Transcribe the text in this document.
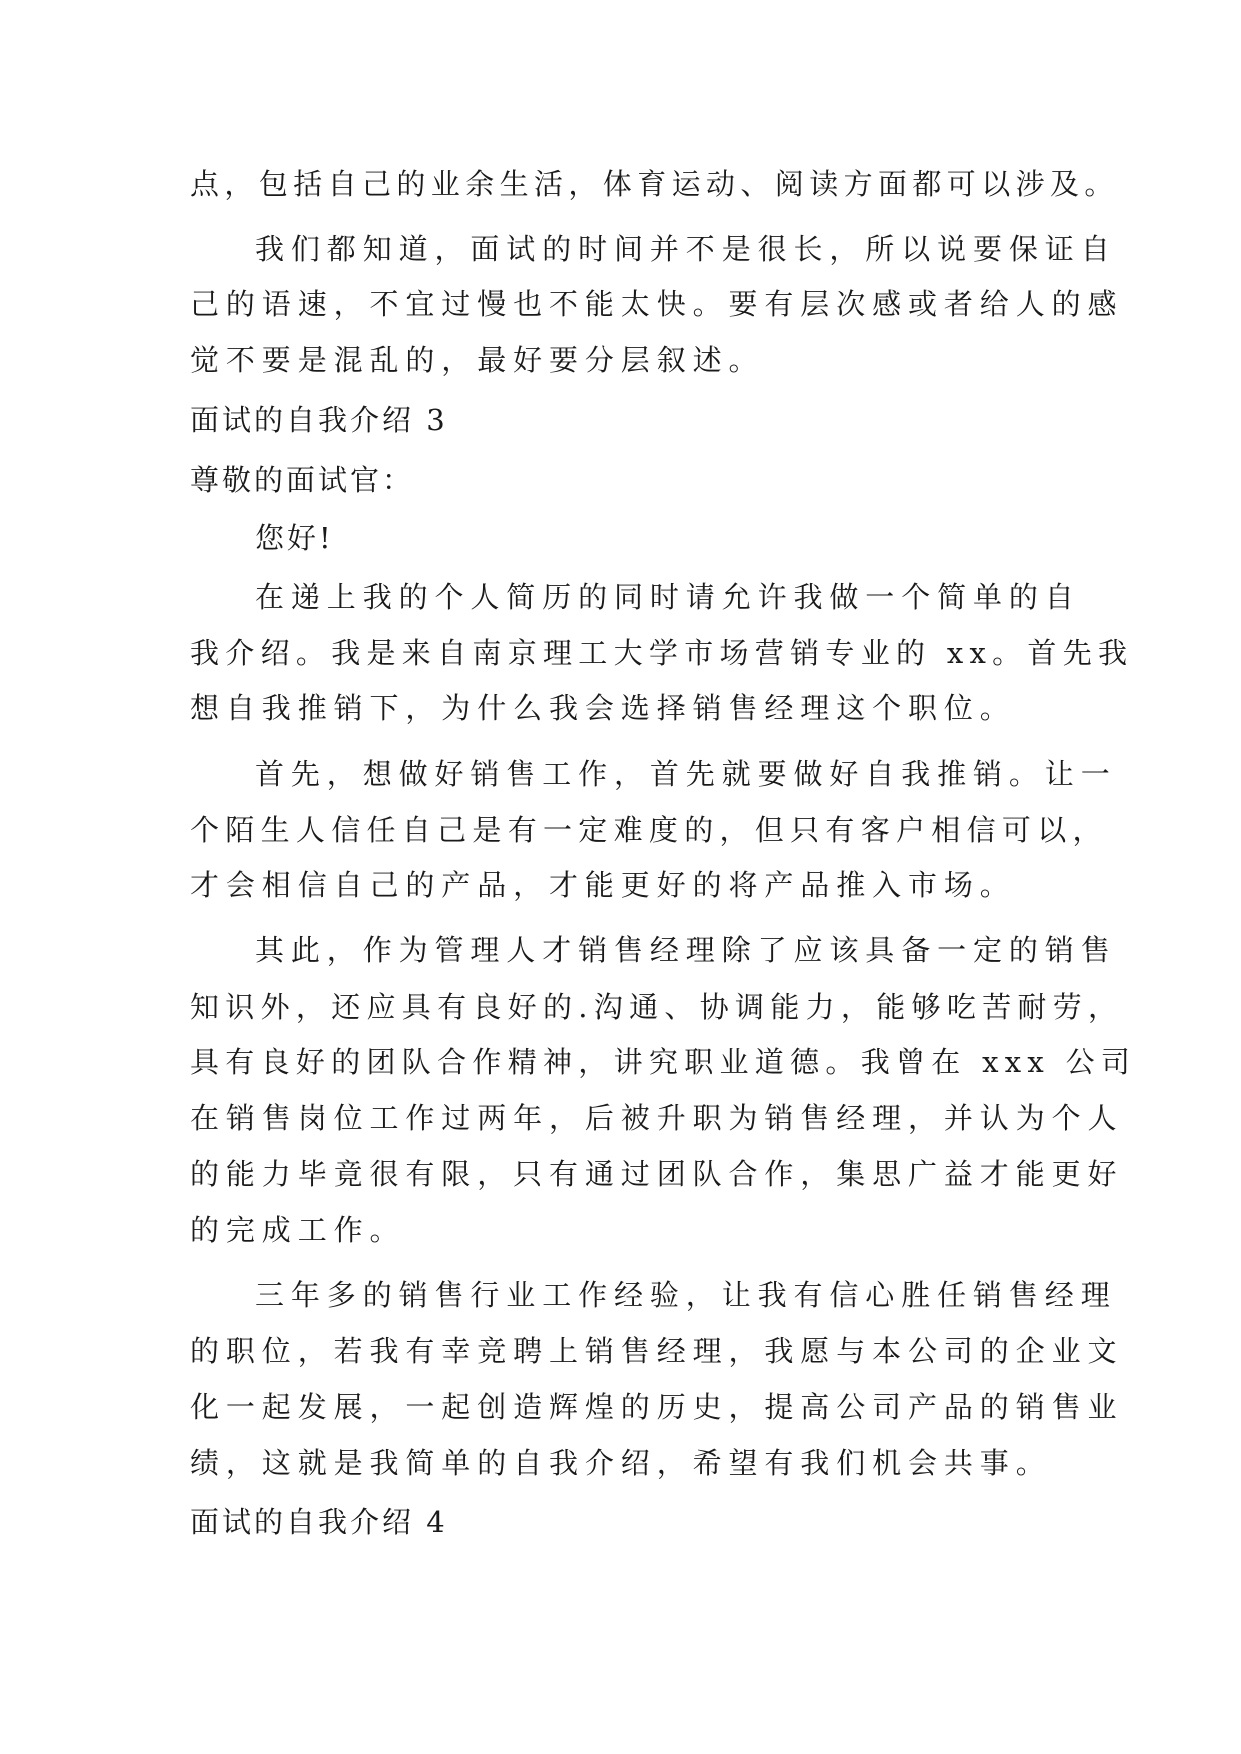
点，包括自己的业余生活，体育运动、阅读方面都可以涉及。
我们都知道，面试的时间并不是很长，所以说要保证自
己的语速，不宜过慢也不能太快。要有层次感或者给人的感
觉不要是混乱的，最好要分层叙述。
面试的自我介绍 3
尊敬的面试官：
您好!
在递上我的个人简历的同时请允许我做一个简单的自
我介绍。我是来自南京理工大学市场营销专业的 xx。首先我
想自我推销下，为什么我会选择销售经理这个职位。
首先，想做好销售工作，首先就要做好自我推销。让一
个陌生人信任自己是有一定难度的，但只有客户相信可以，
才会相信自己的产品，才能更好的将产品推入市场。
其此，作为管理人才销售经理除了应该具备一定的销售
知识外，还应具有良好的.沟通、协调能力，能够吃苦耐劳，
具有良好的团队合作精神，讲究职业道德。我曾在 xxx 公司
在销售岗位工作过两年，后被升职为销售经理，并认为个人
的能力毕竟很有限，只有通过团队合作，集思广益才能更好
的完成工作。
三年多的销售行业工作经验，让我有信心胜任销售经理
的职位，若我有幸竞聘上销售经理，我愿与本公司的企业文
化一起发展，一起创造辉煌的历史，提高公司产品的销售业
绩，这就是我简单的自我介绍，希望有我们机会共事。
面试的自我介绍 4
